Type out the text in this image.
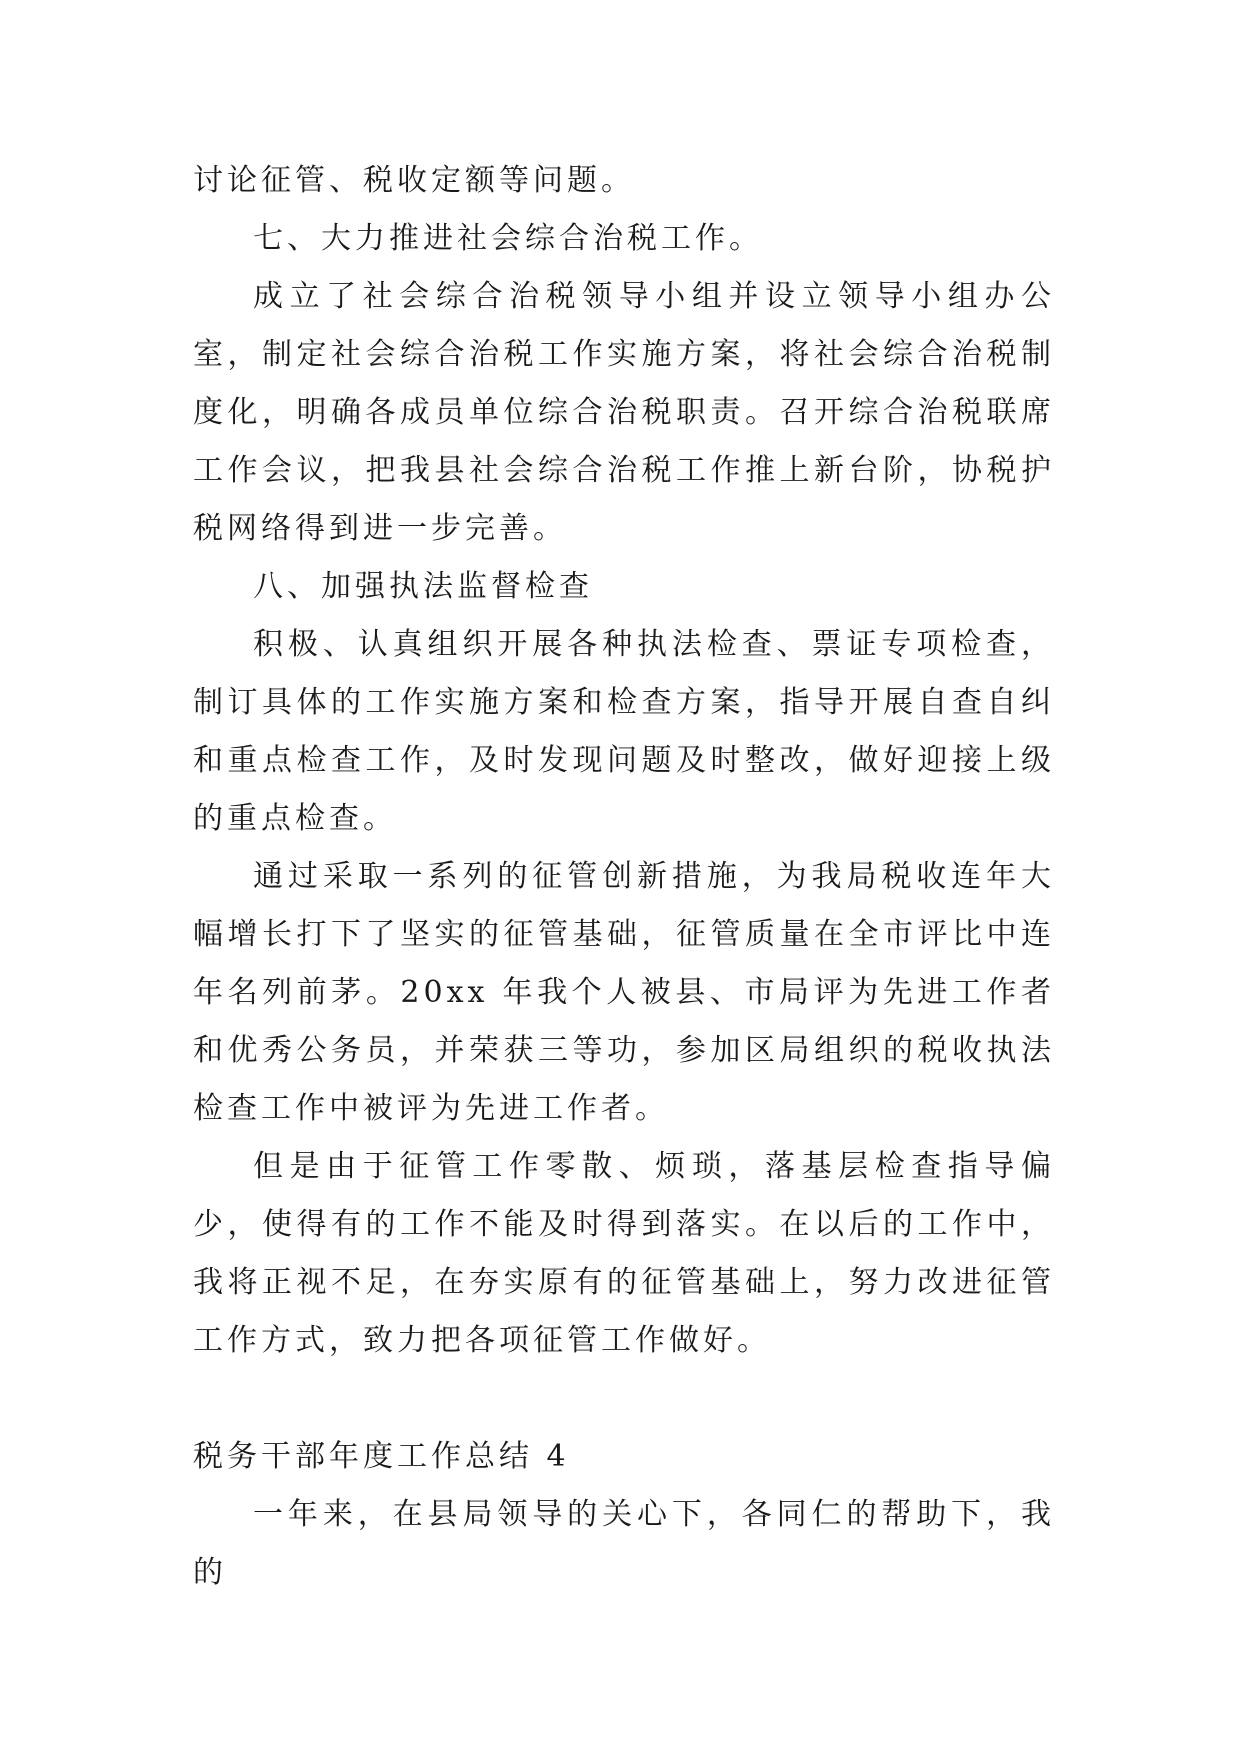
讨论征管、税收定额等问题。

七、大力推进社会综合治税工作。

成立了社会综合治税领导小组并设立领导小组办公室，制定社会综合治税工作实施方案，将社会综合治税制度化，明确各成员单位综合治税职责。召开综合治税联席工作会议，把我县社会综合治税工作推上新台阶，协税护税网络得到进一步完善。

八、加强执法监督检查

积极、认真组织开展各种执法检查、票证专项检查，制订具体的工作实施方案和检查方案，指导开展自查自纠和重点检查工作，及时发现问题及时整改，做好迎接上级的重点检查。

通过采取一系列的征管创新措施，为我局税收连年大幅增长打下了坚实的征管基础，征管质量在全市评比中连年名列前茅。20xx 年我个人被县、市局评为先进工作者和优秀公务员，并荣获三等功，参加区局组织的税收执法检查工作中被评为先进工作者。

但是由于征管工作零散、烦琐，落基层检查指导偏少，使得有的工作不能及时得到落实。在以后的工作中，我将正视不足，在夯实原有的征管基础上，努力改进征管工作方式，致力把各项征管工作做好。

税务干部年度工作总结 4

一年来，在县局领导的关心下，各同仁的帮助下，我的
